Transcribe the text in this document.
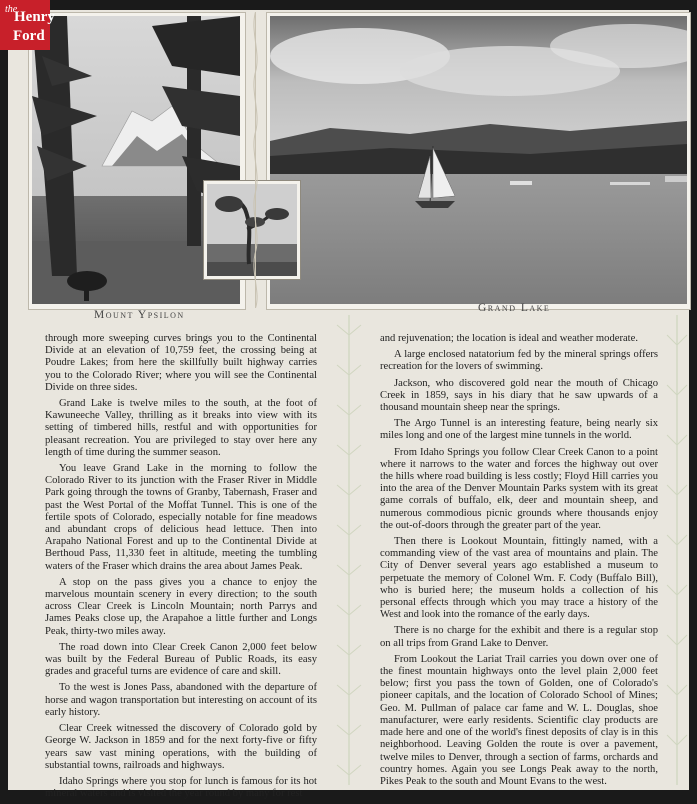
the
Henry
Ford
Mount Ypsilon
Grand Lake

through more sweeping curves brings you to the Continental Divide at an elevation of 10,759 feet, the crossing being at Poudre Lakes; from here the skillfully built highway carries you to the Colorado River; where you will see the Continental Divide on three sides.

Grand Lake is twelve miles to the south, at the foot of Kawuneeche Valley, thrilling as it breaks into view with its setting of timbered hills, restful and with opportunities for pleasant recreation. You are privileged to stay over here any length of time during the summer season.

You leave Grand Lake in the morning to follow the Colorado River to its junction with the Fraser River in Middle Park going through the towns of Granby, Tabernash, Fraser and past the West Portal of the Moffat Tunnel. This is one of the fertile spots of Colorado, especially notable for fine meadows and abundant crops of delicious head lettuce. Then into Arapaho National Forest and up to the Continental Divide at Berthoud Pass, 11,330 feet in altitude, meeting the tumbling waters of the Fraser which drains the area about James Peak.

A stop on the pass gives you a chance to enjoy the marvelous mountain scenery in every direction; to the south across Clear Creek is Lincoln Mountain; north Parrys and James Peaks close up, the Arapahoe a little further and Longs Peak, thirty-two miles away.

The road down into Clear Creek Canon 2,000 feet below was built by the Federal Bureau of Public Roads, its easy grades and graceful turns are evidence of care and skill.

To the west is Jones Pass, abandoned with the departure of horse and wagon transportation but interesting on account of its early history.

Clear Creek witnessed the discovery of Colorado gold by George W. Jackson in 1859 and for the next forty-five or fifty years saw vast mining operations, with the building of substantial towns, railroads and highways.

Idaho Springs where you stop for lunch is famous for its hot mineral waters and is visited the year round by many for rest

and rejuvenation; the location is ideal and weather moderate.

A large enclosed natatorium fed by the mineral springs offers recreation for the lovers of swimming.

Jackson, who discovered gold near the mouth of Chicago Creek in 1859, says in his diary that he saw upwards of a thousand mountain sheep near the springs.

The Argo Tunnel is an interesting feature, being nearly six miles long and one of the largest mine tunnels in the world.

From Idaho Springs you follow Clear Creek Canon to a point where it narrows to the water and forces the highway out over the hills where road building is less costly; Floyd Hill carries you into the area of the Denver Mountain Parks system with its great game corrals of buffalo, elk, deer and mountain sheep, and numerous commodious picnic grounds where thousands enjoy the out-of-doors through the greater part of the year.

Then there is Lookout Mountain, fittingly named, with a commanding view of the vast area of mountains and plain. The City of Denver several years ago established a museum to perpetuate the memory of Colonel Wm. F. Cody (Buffalo Bill), who is buried here; the museum holds a collection of his personal effects through which you may trace a history of the West and look into the romance of the early days.

There is no charge for the exhibit and there is a regular stop on all trips from Grand Lake to Denver.

From Lookout the Lariat Trail carries you down over one of the finest mountain highways onto the level plain 2,000 feet below; first you pass the town of Golden, one of Colorado's pioneer capitals, and the location of Colorado School of Mines; Geo. M. Pullman of palace car fame and W. L. Douglas, shoe manufacturer, were early residents. Scientific clay products are made here and one of the world's finest deposits of clay is in this neighborhood. Leaving Golden the route is over a pavement, twelve miles to Denver, through a section of farms, orchards and country homes. Again you see Longs Peak away to the north, Pikes Peak to the south and Mount Evans to the west.
